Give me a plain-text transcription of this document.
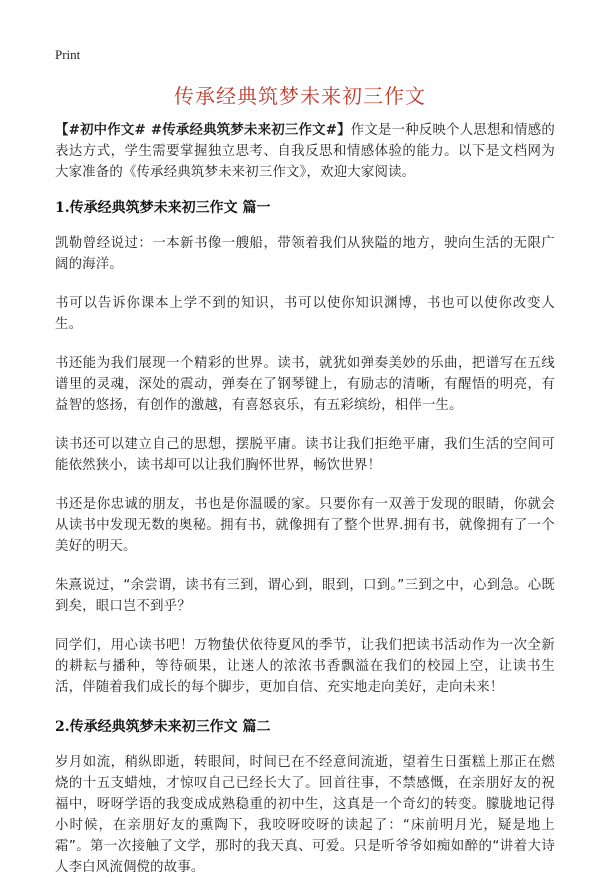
Print
传承经典筑梦未来初三作文

【#初中作文# #传承经典筑梦未来初三作文#】作文是一种反映个人思想和情感的表达方式，学生需要掌握独立思考、自我反思和情感体验的能力。以下是文档网为大家准备的《传承经典筑梦未来初三作文》，欢迎大家阅读。

1.传承经典筑梦未来初三作文 篇一

凯勒曾经说过：一本新书像一艘船，带领着我们从狭隘的地方，驶向生活的无限广阔的海洋。

书可以告诉你课本上学不到的知识，书可以使你知识渊博，书也可以使你改变人生。

书还能为我们展现一个精彩的世界。读书，就犹如弹奏美妙的乐曲，把谱写在五线谱里的灵魂，深处的震动，弹奏在了钢琴键上，有励志的清晰，有醒悟的明亮，有益智的悠扬，有创作的激越，有喜怒哀乐，有五彩缤纷，相伴一生。

读书还可以建立自己的思想，摆脱平庸。读书让我们拒绝平庸，我们生活的空间可能依然狭小，读书却可以让我们胸怀世界，畅饮世界！

书还是你忠诚的朋友，书也是你温暖的家。只要你有一双善于发现的眼睛，你就会从读书中发现无数的奥秘。拥有书，就像拥有了整个世界.拥有书，就像拥有了一个美好的明天。

朱熹说过，“余尝谓，读书有三到，谓心到，眼到，口到。”三到之中，心到急。心既到矣，眼口岂不到乎？

同学们，用心读书吧！万物蛰伏依待夏风的季节，让我们把读书活动作为一次全新的耕耘与播种，等待硕果，让迷人的浓浓书香飘溢在我们的校园上空，让读书生活，伴随着我们成长的每个脚步，更加自信、充实地走向美好，走向未来！

2.传承经典筑梦未来初三作文 篇二

岁月如流，稍纵即逝，转眼间，时间已在不经意间流逝，望着生日蛋糕上那正在燃烧的十五支蜡烛，才惊叹自己已经长大了。回首往事，不禁感慨，在亲朋好友的祝福中，呀呀学语的我变成成熟稳重的初中生，这真是一个奇幻的转变。朦胧地记得小时候，在亲朋好友的熏陶下，我咬呀咬呀的读起了：“床前明月光，疑是地上霜”。第一次接触了文学，那时的我天真、可爱。只是听爷爷如痴如醉的“讲着大诗人李白风流倜傥的故事。
